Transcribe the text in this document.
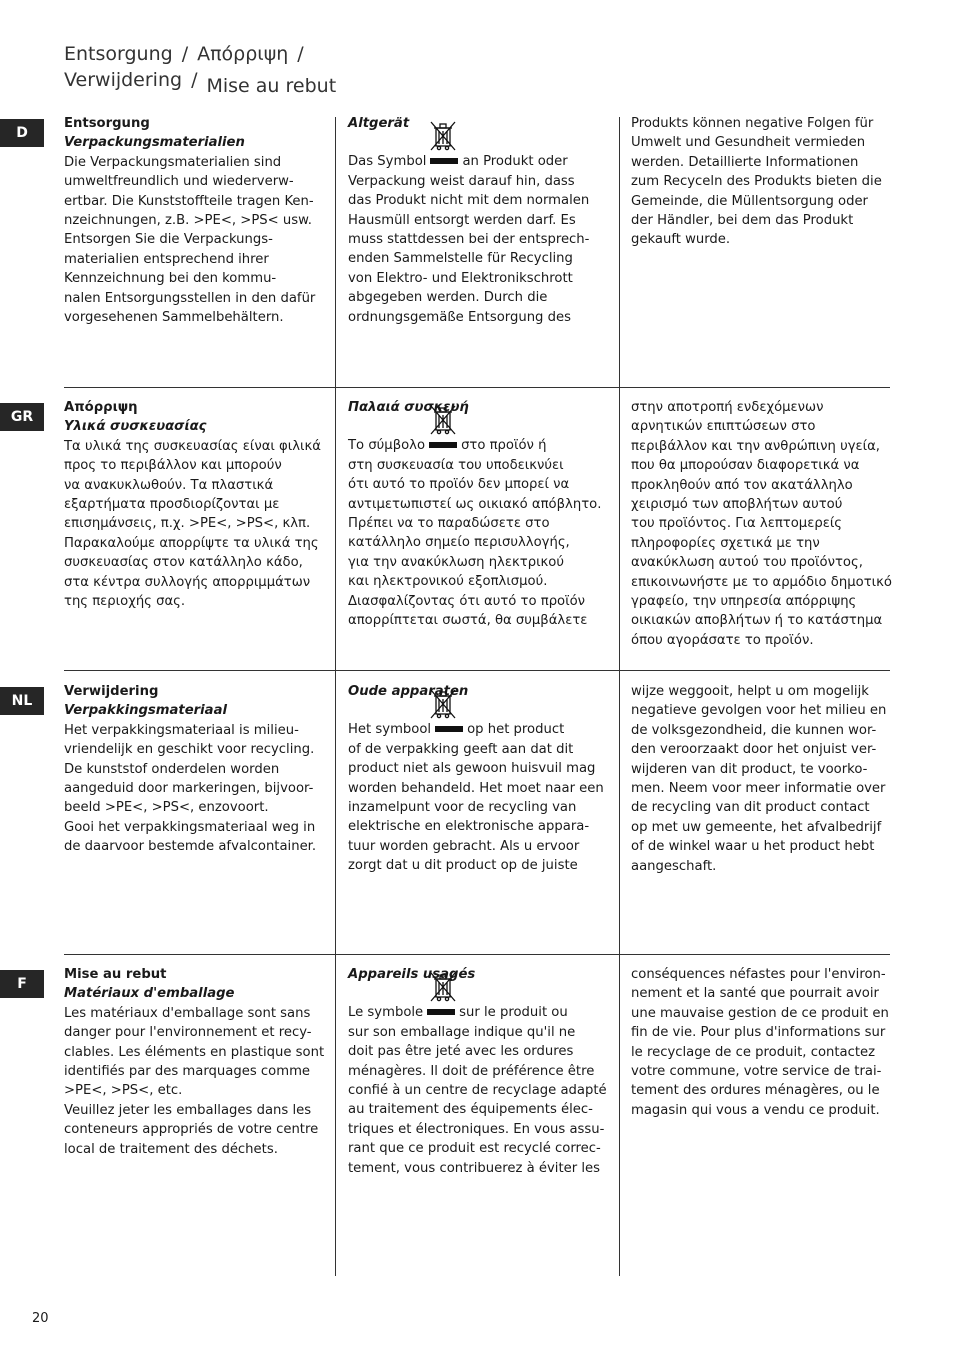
Entsorgung / Απόρριψη /
Verwijdering / Mise au rebut
D
Entsorgung
Verpackungsmaterialien
Die Verpackungsmaterialien sind
umweltfreundlich und wiederverw-
ertbar. Die Kunststoffteile tragen Ken-
nzeichnungen, z.B. >PE<, >PS< usw.
Entsorgen Sie die Verpackungs-
materialien entsprechend ihrer
Kennzeichnung bei den kommu-
nalen Entsorgungsstellen in den dafür
vorgesehenen Sammelbehältern.
Altgerät
Das Symbol	an Produkt oder
Verpackung weist darauf hin, dass
das Produkt nicht mit dem normalen
Hausmüll entsorgt werden darf. Es
muss stattdessen bei der entsprech-
enden Sammelstelle für Recycling
von Elektro- und Elektronikschrott
abgegeben werden. Durch die
ordnungsgemäße Entsorgung des
Produkts können negative Folgen für
Umwelt und Gesundheit vermieden
werden. Detaillierte Informationen
zum Recyceln des Produkts bieten die
Gemeinde, die Müllentsorgung oder
der Händler, bei dem das Produkt
gekauft wurde.
GR
Απόρριψη
Υλικά συσκευασίας
Τα υλικά της συσκευασίας είναι φιλικά
προς το περιβάλλον και μπορούν
να ανακυκλωθούν. Τα πλαστικά
εξαρτήματα προσδιορίζονται με
επισημάνσεις, π.χ. >PE<, >PS<, κλπ.
Παρακαλούμε απορρίψτε τα υλικά της
συσκευασίας στον κατάλληλο κάδο,
στα κέντρα συλλογής απορριμμάτων
της περιοχής σας.
Παλαιά συσκευή
Το σύμβολο	στο προϊόν ή
στη συσκευασία του υποδεικνύει
ότι αυτό το προϊόν δεν μπορεί να
αντιμετωπιστεί ως οικιακό απόβλητο.
Πρέπει να το παραδώσετε στο
κατάλληλο σημείο περισυλλογής,
για την ανακύκλωση ηλεκτρικού
και ηλεκτρονικού εξοπλισμού.
Διασφαλίζοντας ότι αυτό το προϊόν
απορρίπτεται σωστά, θα συμβάλετε
στην αποτροπή ενδεχόμενων
αρνητικών επιπτώσεων στο
περιβάλλον και την ανθρώπινη υγεία,
που θα μπορούσαν διαφορετικά να
προκληθούν από τον ακατάλληλο
χειρισμό των αποβλήτων αυτού
του προϊόντος. Για λεπτομερείς
πληροφορίες σχετικά με την
ανακύκλωση αυτού του προϊόντος,
επικοινωνήστε με το αρμόδιο δημοτικό
γραφείο, την υπηρεσία απόρριψης
οικιακών αποβλήτων ή το κατάστημα
όπου αγοράσατε το προϊόν.
NL
Verwijdering
Verpakkingsmateriaal
Het verpakkingsmateriaal is milieu-
vriendelijk en geschikt voor recycling.
De kunststof onderdelen worden
aangeduid door markeringen, bijvoor-
beeld >PE<, >PS<, enzovoort.
Gooi het verpakkingsmateriaal weg in
de daarvoor bestemde afvalcontainer.
Oude apparaten
Het symbool	op het product
of de verpakking geeft aan dat dit
product niet als gewoon huisvuil mag
worden behandeld. Het moet naar een
inzamelpunt voor de recycling van
elektrische en elektronische appara-
tuur worden gebracht. Als u ervoor
zorgt dat u dit product op de juiste
wijze weggooit, helpt u om mogelijk
negatieve gevolgen voor het milieu en
de volksgezondheid, die kunnen wor-
den veroorzaakt door het onjuist ver-
wijderen van dit product, te voorko-
men. Neem voor meer informatie over
de recycling van dit product contact
op met uw gemeente, het afvalbedrijf
of de winkel waar u het product hebt
aangeschaft.
F
Mise au rebut
Matériaux d'emballage
Les matériaux d'emballage sont sans
danger pour l'environnement et recy-
clables. Les éléments en plastique sont
identifiés par des marquages comme
>PE<, >PS<, etc.
Veuillez jeter les emballages dans les
conteneurs appropriés de votre centre
local de traitement des déchets.
Appareils usagés
Le symbole	sur le produit ou
sur son emballage indique qu'il ne
doit pas être jeté avec les ordures
ménagères. Il doit de préférence être
confié à un centre de recyclage adapté
au traitement des équipements élec-
triques et électroniques. En vous assu-
rant que ce produit est recyclé correc-
tement, vous contribuerez à éviter les
conséquences néfastes pour l'environ-
nement et la santé que pourrait avoir
une mauvaise gestion de ce produit en
fin de vie. Pour plus d'informations sur
le recyclage de ce produit, contactez
votre commune, votre service de trai-
tement des ordures ménagères, ou le
magasin qui vous a vendu ce produit.
20
